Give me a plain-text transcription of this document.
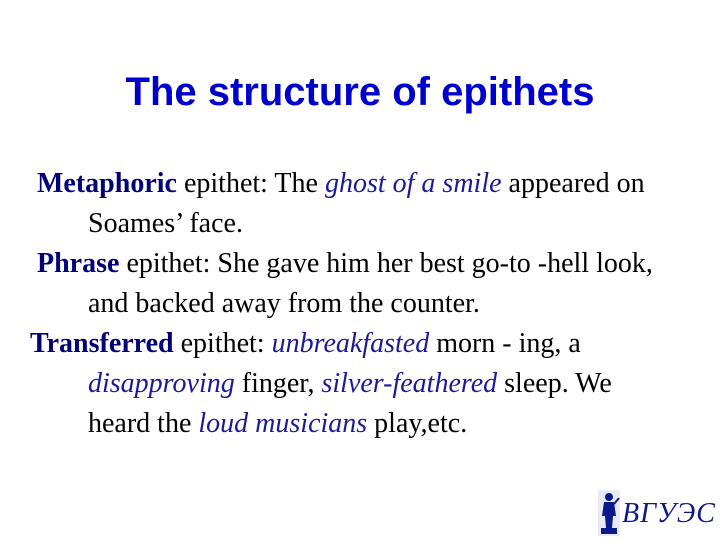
The structure of epithets

Metaphoric epithet: The ghost of a smile appeared on Soames’ face.

Phrase epithet: She gave him her best go-to -hell look, and backed away from the counter.

Transferred epithet: unbreakfasted morn - ing, a disapproving finger, silver-feathered sleep. We heard the loud musicians play,etc.

ВГУЭС
